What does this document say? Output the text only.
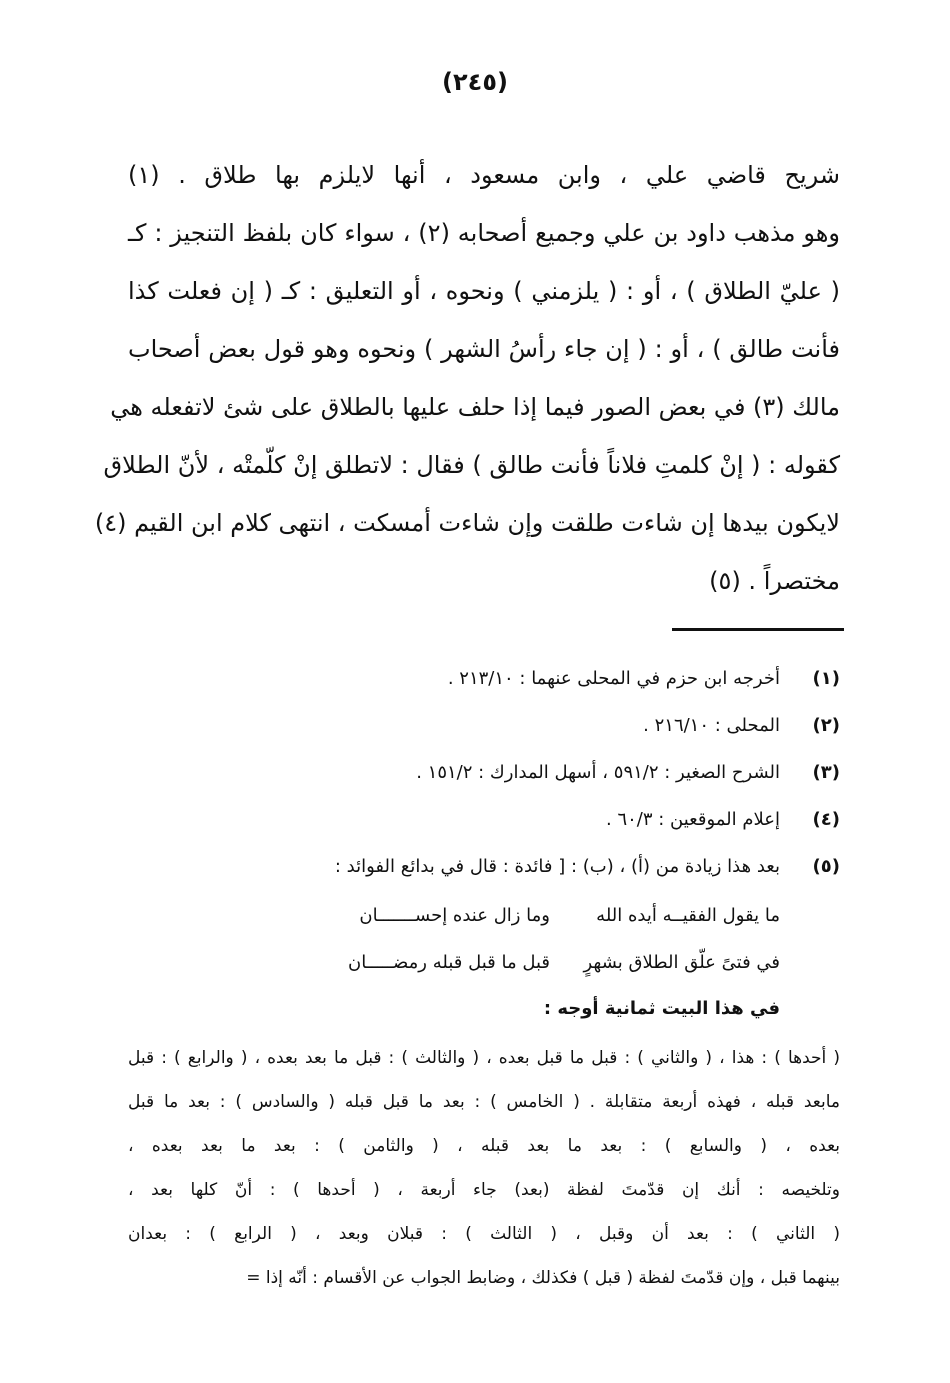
(٢٤٥)
شريح قاضي علي ، وابن مسعود ، أنها لايلزم بها طلاق . (١)
وهو مذهب داود بن علي وجميع أصحابه (٢) ، سواء كان بلفظ التنجيز : كـ
( عليّ الطلاق ) ، أو : ( يلزمني ) ونحوه ، أو التعليق : كـ ( إن فعلت كذا
فأنت طالق ) ، أو : ( إن جاء رأسُ الشهر ) ونحوه وهو قول بعض أصحاب
مالك (٣) في بعض الصور فيما إذا حلف عليها بالطلاق على شئ لاتفعله هي
كقوله : ( إنْ كلمتِ فلاناً فأنت طالق ) فقال : لاتطلق إنْ كلّمتْه ، لأنّ الطلاق
لايكون بيدها إن شاءت طلقت وإن شاءت أمسكت ، انتهى كلام ابن القيم (٤)
مختصراً . (٥)
(١)
أخرجه ابن حزم في المحلى عنهما : ٢١٣/١٠ .
(٢)
المحلى : ٢١٦/١٠ .
(٣)
الشرح الصغير : ٥٩١/٢ ، أسهل المدارك : ١٥١/٢ .
(٤)
إعلام الموقعين : ٦٠/٣ .
(٥)
بعد هذا زيادة من (أ) ، (ب) : [ فائدة : قال في بدائع الفوائد :
ما يقول الفقيــه أيده الله
وما زال عنده إحســـــــان
في فتىً علّق الطلاق بشهرٍ
قبل ما قبل قبله رمضـــــان
في هذا البيت ثمانية أوجه :
( أحدها ) : هذا ، ( والثاني ) : قبل ما قبل بعده ، ( والثالث ) : قبل ما بعد بعده ، ( والرابع ) : قبل
مابعد قبله ، فهذه أربعة متقابلة . ( الخامس ) : بعد ما قبل قبله ( والسادس ) : بعد ما قبل
بعده ، ( والسابع ) : بعد ما بعد قبله ، ( والثامن ) : بعد ما بعد بعده ،
وتلخيصه : أنك إن قدّمتَ لفظة (بعد) جاء أربعة ، ( أحدها ) : أنّ كلها بعد ،
( الثاني ) : بعد أن وقبل ، ( الثالث ) : قبلان وبعد ، ( الرابع ) : بعدان
بينهما قبل ، وإن قدّمتَ لفظة ( قبل ) فكذلك ، وضابط الجواب عن الأقسام : أنّه إذا =
